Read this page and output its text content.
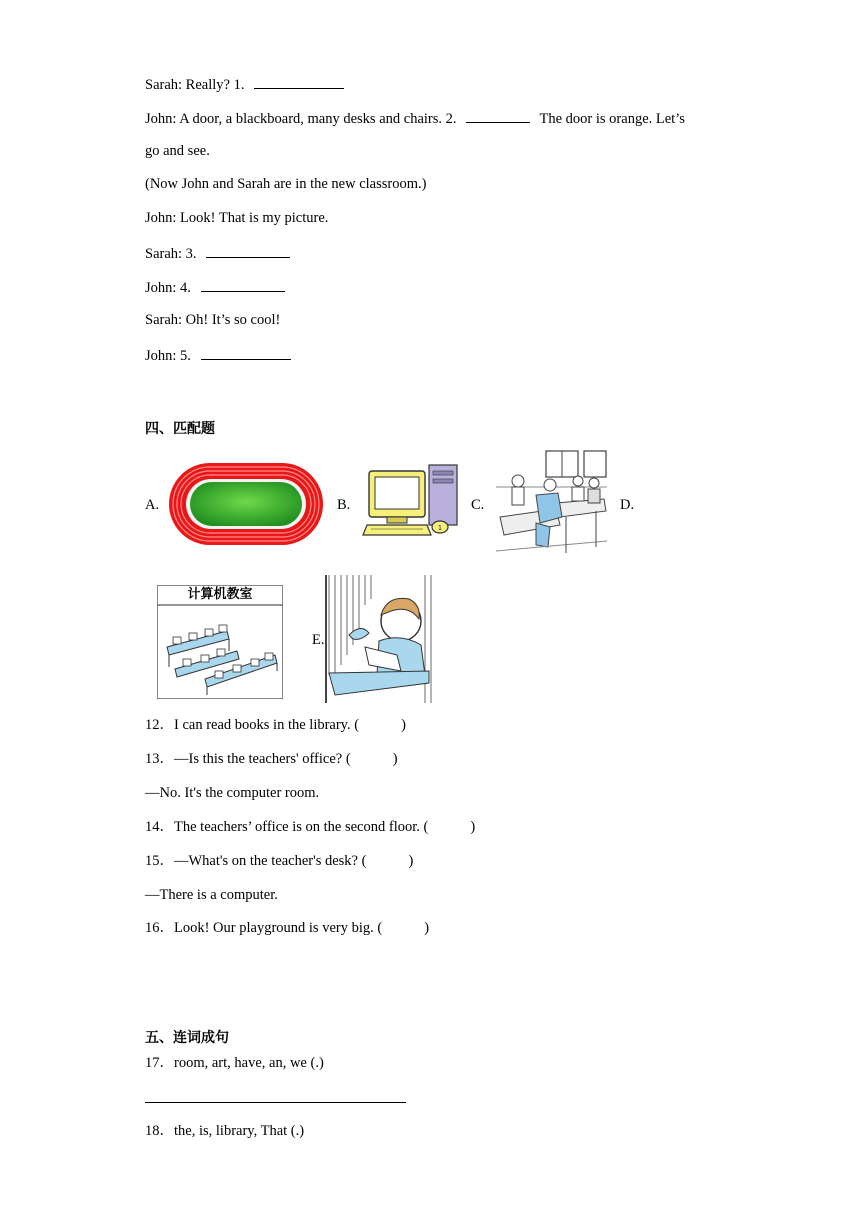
Sarah: Really? 1.
John: A door, a blackboard, many desks and chairs. 2.	The door is orange. Let’s
go and see.
(Now John and Sarah are in the new classroom.)
John: Look! That is my picture.
Sarah: 3.
John: 4.
Sarah: Oh! It’s so cool!
John: 5.
四、匹配题
A.	B.
1
C.	D.
计算机教室
E.
12．I can read books in the library. (	)
13．—Is this the teachers' office? (	)
—No. It's the computer room.
14．The teachers’ office is on the second floor. (	)
15．—What's on the teacher's desk? (	)
—There is a computer.
16．Look! Our playground is very big. (	)
五、连词成句
17．room, art, have, an, we (.)
18．the, is, library, That (.)
